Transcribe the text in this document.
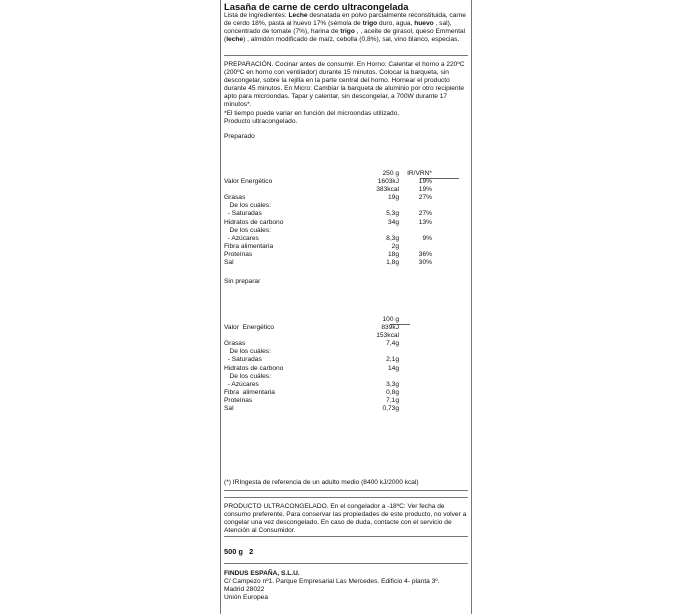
Lasaña de carne de cerdo ultracongelada
Lista de ingredientes: Leche desnatada en polvo parcialmente reconstituida, carne de cerdo 18%, pasta al huevo 17% (sémola de trigo duro, agua, huevo , sal), concentrado de tomate (7%), harina de trigo , , aceite de girasol, queso Emmental (leche) , almidón modificado de maíz, cebolla (0,8%), sal, vino blanco, especias.
PREPARACIÓN. Cocinar antes de consumir. En Horno: Calentar el horno a 220ºC (200ºC en horno con ventilador) durante 15 minutos. Colocar la barqueta, sin descongelar, sobre la rejilla en la parte central del horno. Hornear el producto durante 45 minutos. En Micro: Cambiar la barqueta de aluminio por otro recipiente apto para microondas. Tapar y calentar, sin descongelar, a 700W durante 17 minutos*.
*El tiempo puede variar en función del microondas utilizado.
Producto ultracongelado.
Preparado
250 g IR/VRN*
Valor Energético	1603kJ	19%
383kcal	19%
Grasas	19g	27%
De los cuáles:
- Saturadas	5,3g	27%
Hidratos de carbono	34g	13%
De los cuáles:
- Azúcares	8,3g	9%
Fibra alimentaria	2g
Proteínas	18g	36%
Sal	1,8g	30%
Sin preparar
100 g
Valor  Energético	839kJ
153kcal
Grasas	7,4g
De los cuáles:
- Saturadas	2,1g
Hidratos de carbono	14g
De los cuáles:
- Azúcares	3,3g
Fibra  alimentaria	0,8g
Proteínas	7,1g
Sal	0,73g
(*) IRIngesta de referencia de un adulto medio (8400 kJ/2000 kcal)
PRODUCTO ULTRACONGELADO. En el congelador a -18ºC: Ver fecha de consumo preferente. Para conservar las propiedades de este producto, no volver a congelar una vez descongelado. En caso de duda, contacte con el servicio de Atención al Consumidor.
500 g 2
FINDUS ESPAÑA, S.L.U.
C/ Campezo nº1. Parque Empresarial Las Mercedes. Edificio 4- planta 3º.
Madrid 28022
Unión Europea
